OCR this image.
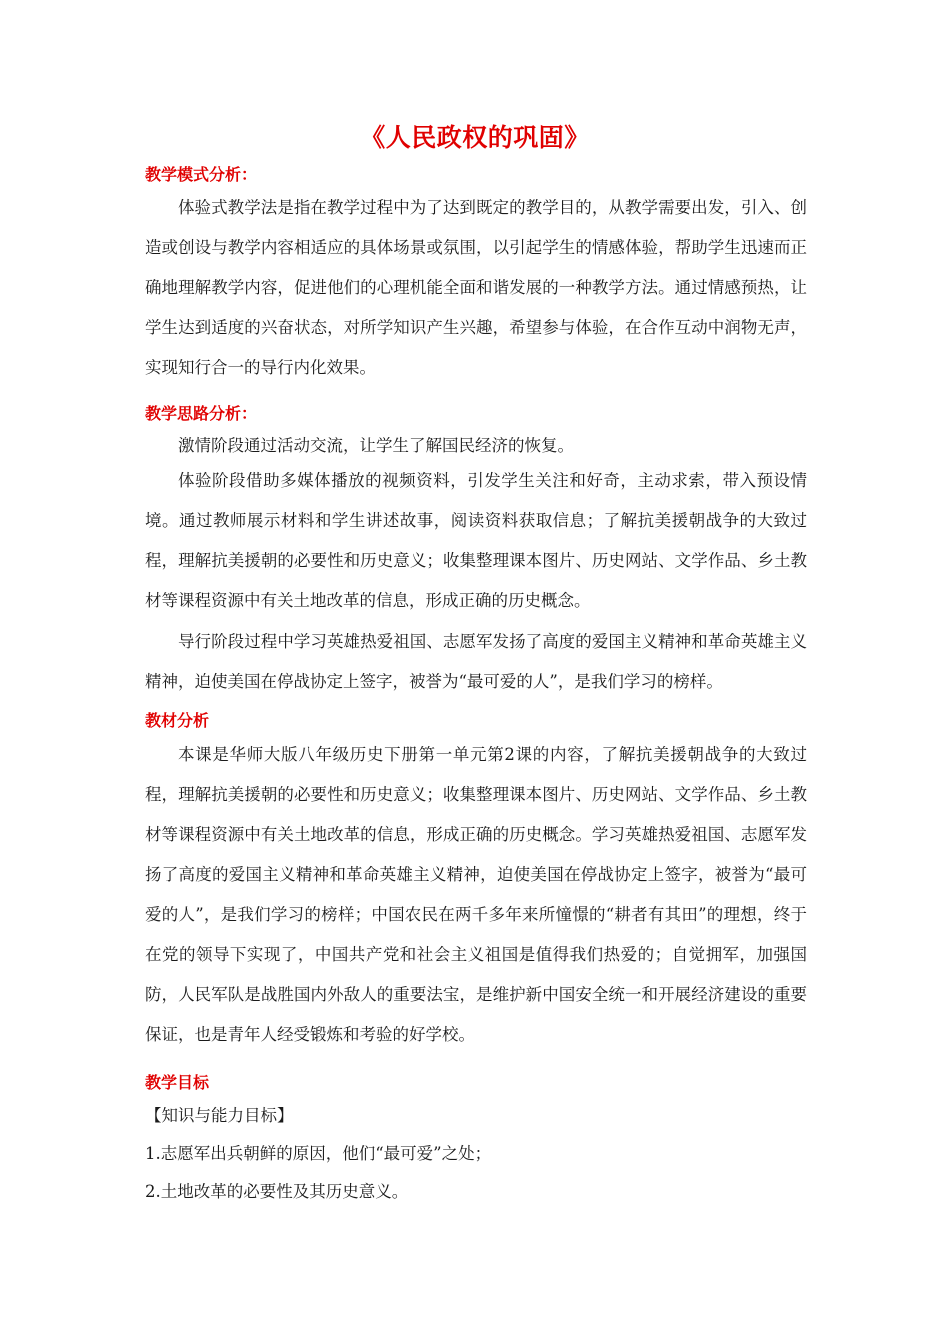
《人民政权的巩固》
教学模式分析：
体验式教学法是指在教学过程中为了达到既定的教学目的，从教学需要出发，引入、创造或创设与教学内容相适应的具体场景或氛围，以引起学生的情感体验，帮助学生迅速而正确地理解教学内容，促进他们的心理机能全面和谐发展的一种教学方法。通过情感预热，让学生达到适度的兴奋状态，对所学知识产生兴趣，希望参与体验，在合作互动中润物无声，实现知行合一的导行内化效果。
教学思路分析：
激情阶段通过活动交流，让学生了解国民经济的恢复。
体验阶段借助多媒体播放的视频资料，引发学生关注和好奇，主动求索，带入预设情境。通过教师展示材料和学生讲述故事，阅读资料获取信息；了解抗美援朝战争的大致过程，理解抗美援朝的必要性和历史意义；收集整理课本图片、历史网站、文学作品、乡土教材等课程资源中有关土地改革的信息，形成正确的历史概念。
导行阶段过程中学习英雄热爱祖国、志愿军发扬了高度的爱国主义精神和革命英雄主义精神，迫使美国在停战协定上签字，被誉为“最可爱的人”，是我们学习的榜样。
教材分析
本课是华师大版八年级历史下册第一单元第2课的内容，了解抗美援朝战争的大致过程，理解抗美援朝的必要性和历史意义；收集整理课本图片、历史网站、文学作品、乡土教材等课程资源中有关土地改革的信息，形成正确的历史概念。学习英雄热爱祖国、志愿军发扬了高度的爱国主义精神和革命英雄主义精神，迫使美国在停战协定上签字，被誉为“最可爱的人”，是我们学习的榜样；中国农民在两千多年来所憧憬的“耕者有其田”的理想，终于在党的领导下实现了，中国共产党和社会主义祖国是值得我们热爱的；自觉拥军，加强国防，人民军队是战胜国内外敌人的重要法宝，是维护新中国安全统一和开展经济建设的重要保证，也是青年人经受锻炼和考验的好学校。
教学目标
【知识与能力目标】
1.志愿军出兵朝鲜的原因，他们“最可爱”之处；
2.土地改革的必要性及其历史意义。
